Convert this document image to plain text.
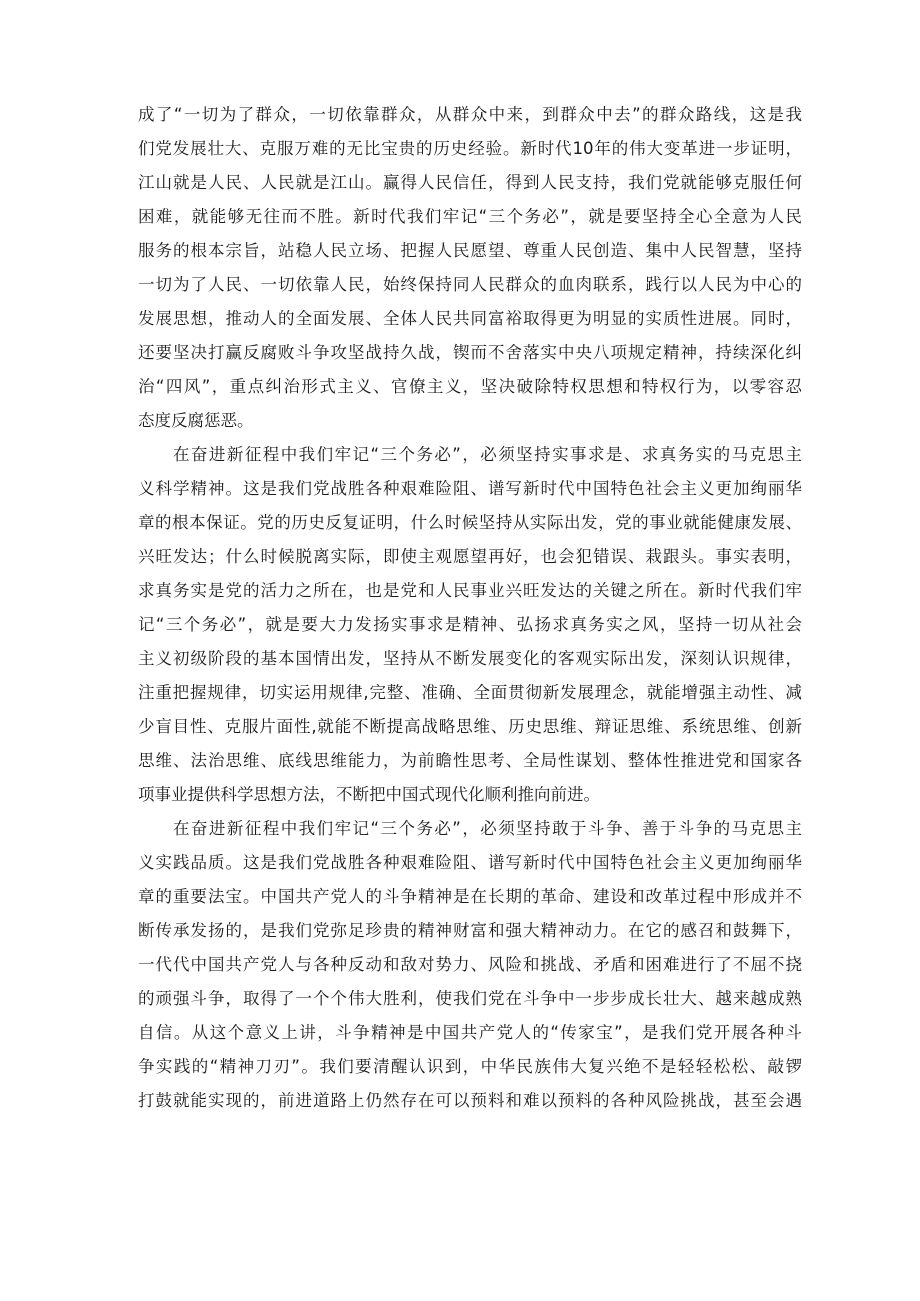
成了“一切为了群众，一切依靠群众，从群众中来，到群众中去”的群众路线，这是我
们党发展壮大、克服万难的无比宝贵的历史经验。新时代10年的伟大变革进一步证明，
江山就是人民、人民就是江山。赢得人民信任，得到人民支持，我们党就能够克服任何
困难，就能够无往而不胜。新时代我们牢记“三个务必”，就是要坚持全心全意为人民
服务的根本宗旨，站稳人民立场、把握人民愿望、尊重人民创造、集中人民智慧，坚持
一切为了人民、一切依靠人民，始终保持同人民群众的血肉联系，践行以人民为中心的
发展思想，推动人的全面发展、全体人民共同富裕取得更为明显的实质性进展。同时，
还要坚决打赢反腐败斗争攻坚战持久战，锲而不舍落实中央八项规定精神，持续深化纠
治“四风”，重点纠治形式主义、官僚主义，坚决破除特权思想和特权行为，以零容忍
态度反腐惩恶。
在奋进新征程中我们牢记“三个务必”，必须坚持实事求是、求真务实的马克思主
义科学精神。这是我们党战胜各种艰难险阻、谱写新时代中国特色社会主义更加绚丽华
章的根本保证。党的历史反复证明，什么时候坚持从实际出发，党的事业就能健康发展、
兴旺发达；什么时候脱离实际，即使主观愿望再好，也会犯错误、栽跟头。事实表明，
求真务实是党的活力之所在，也是党和人民事业兴旺发达的关键之所在。新时代我们牢
记“三个务必”，就是要大力发扬实事求是精神、弘扬求真务实之风，坚持一切从社会
主义初级阶段的基本国情出发，坚持从不断发展变化的客观实际出发，深刻认识规律，
注重把握规律，切实运用规律,完整、准确、全面贯彻新发展理念，就能增强主动性、减
少盲目性、克服片面性,就能不断提高战略思维、历史思维、辩证思维、系统思维、创新
思维、法治思维、底线思维能力，为前瞻性思考、全局性谋划、整体性推进党和国家各
项事业提供科学思想方法，不断把中国式现代化顺利推向前进。
在奋进新征程中我们牢记“三个务必”，必须坚持敢于斗争、善于斗争的马克思主
义实践品质。这是我们党战胜各种艰难险阻、谱写新时代中国特色社会主义更加绚丽华
章的重要法宝。中国共产党人的斗争精神是在长期的革命、建设和改革过程中形成并不
断传承发扬的，是我们党弥足珍贵的精神财富和强大精神动力。在它的感召和鼓舞下，
一代代中国共产党人与各种反动和敌对势力、风险和挑战、矛盾和困难进行了不屈不挠
的顽强斗争，取得了一个个伟大胜利，使我们党在斗争中一步步成长壮大、越来越成熟
自信。从这个意义上讲，斗争精神是中国共产党人的“传家宝”，是我们党开展各种斗
争实践的“精神刀刃”。我们要清醒认识到，中华民族伟大复兴绝不是轻轻松松、敲锣
打鼓就能实现的，前进道路上仍然存在可以预料和难以预料的各种风险挑战，甚至会遇
